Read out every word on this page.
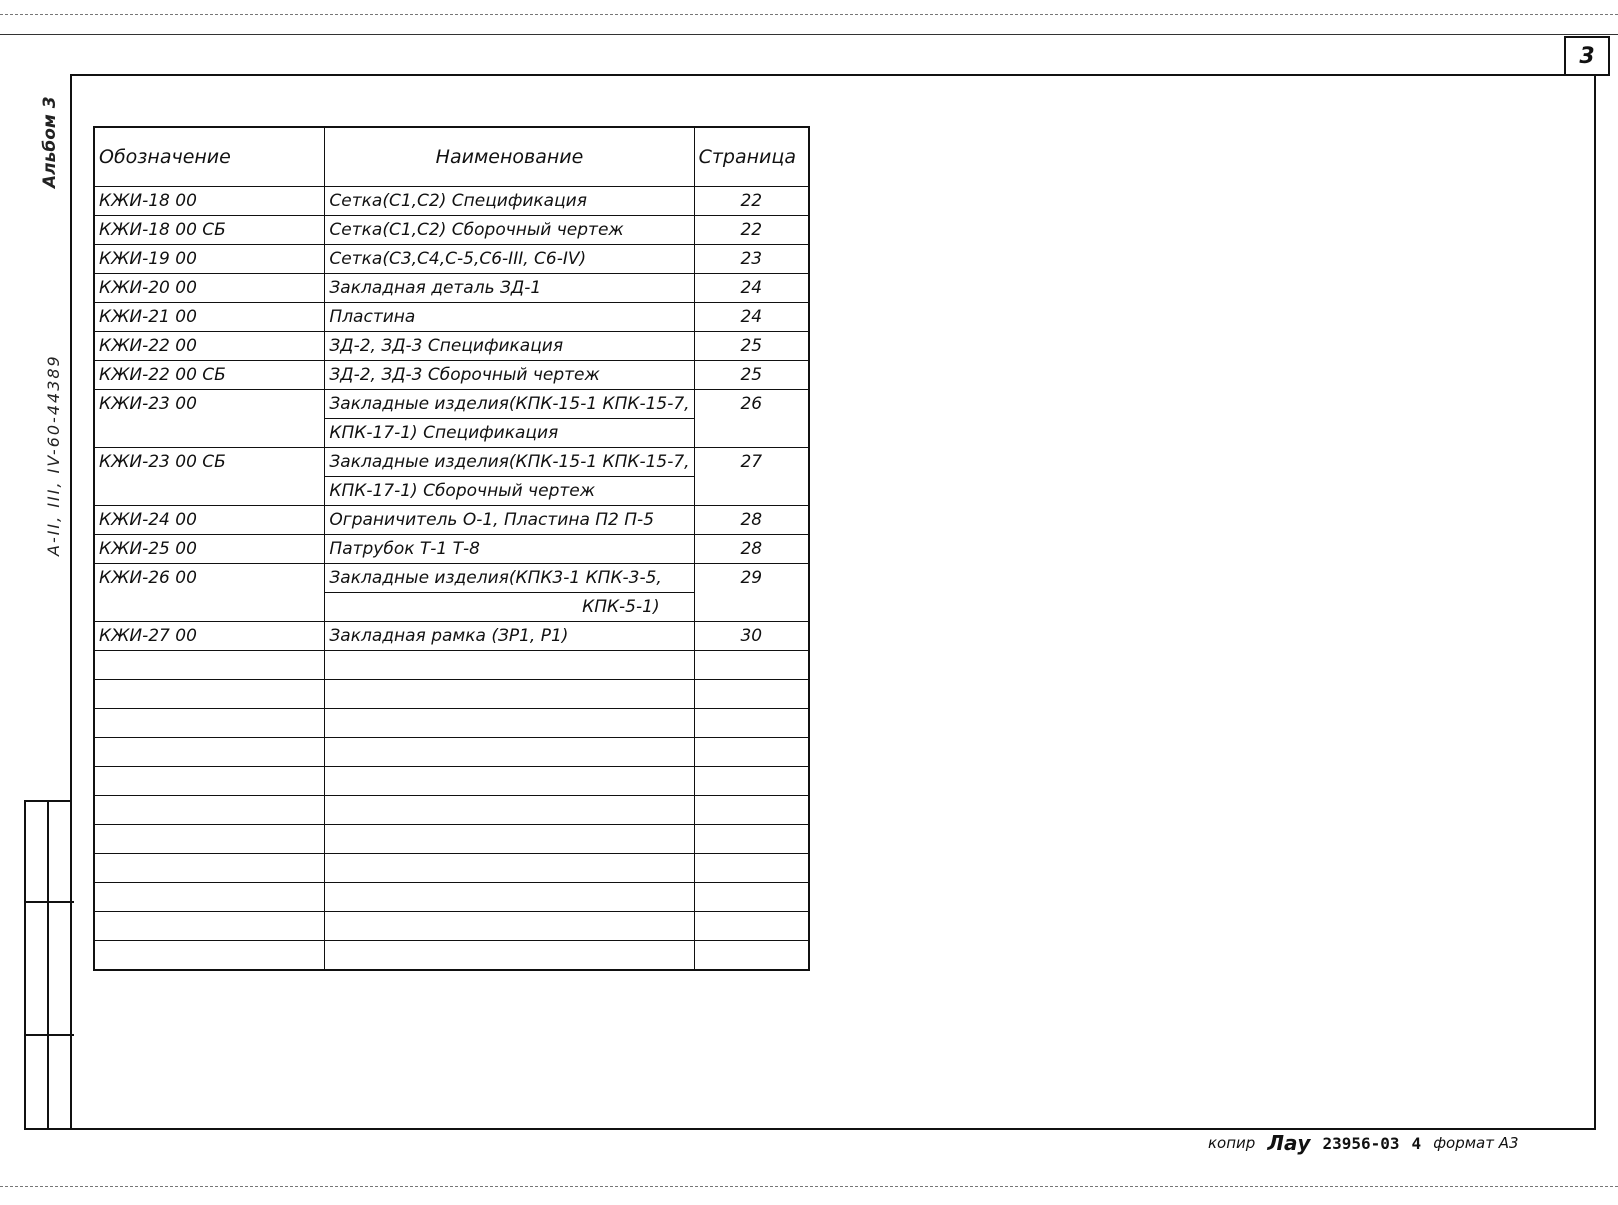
3
Альбом 3
A-II, III, IV-60-44389
Обозначение	Наименование	Страница
КЖИ-18 00	Сетка(С1,С2) Спецификация	22
КЖИ-18 00 СБ	Сетка(С1,С2) Сборочный чертеж	22
КЖИ-19 00	Сетка(С3,С4,С-5,С6-III, С6-IV)	23
КЖИ-20 00	Закладная деталь ЗД-1	24
КЖИ-21 00	Пластина	24
КЖИ-22 00	ЗД-2, ЗД-3 Спецификация	25
КЖИ-22 00 СБ	ЗД-2, ЗД-3 Сборочный чертеж	25
КЖИ-23 00	Закладные изделия(КПК-15-1 КПК-15-7,	26
	КПК-17-1) Спецификация	
КЖИ-23 00 СБ	Закладные изделия(КПК-15-1 КПК-15-7,	27
	КПК-17-1) Сборочный чертеж	
КЖИ-24 00	Ограничитель О-1, Пластина П2 П-5	28
КЖИ-25 00	Патрубок Т-1 Т-8	28
КЖИ-26 00	Закладные изделия(КПК3-1 КПК-3-5,	29
	КПК-5-1)	
КЖИ-27 00	Закладная рамка (ЗР1, Р1)	30

копир Лау 23956-03 4 формат А3
